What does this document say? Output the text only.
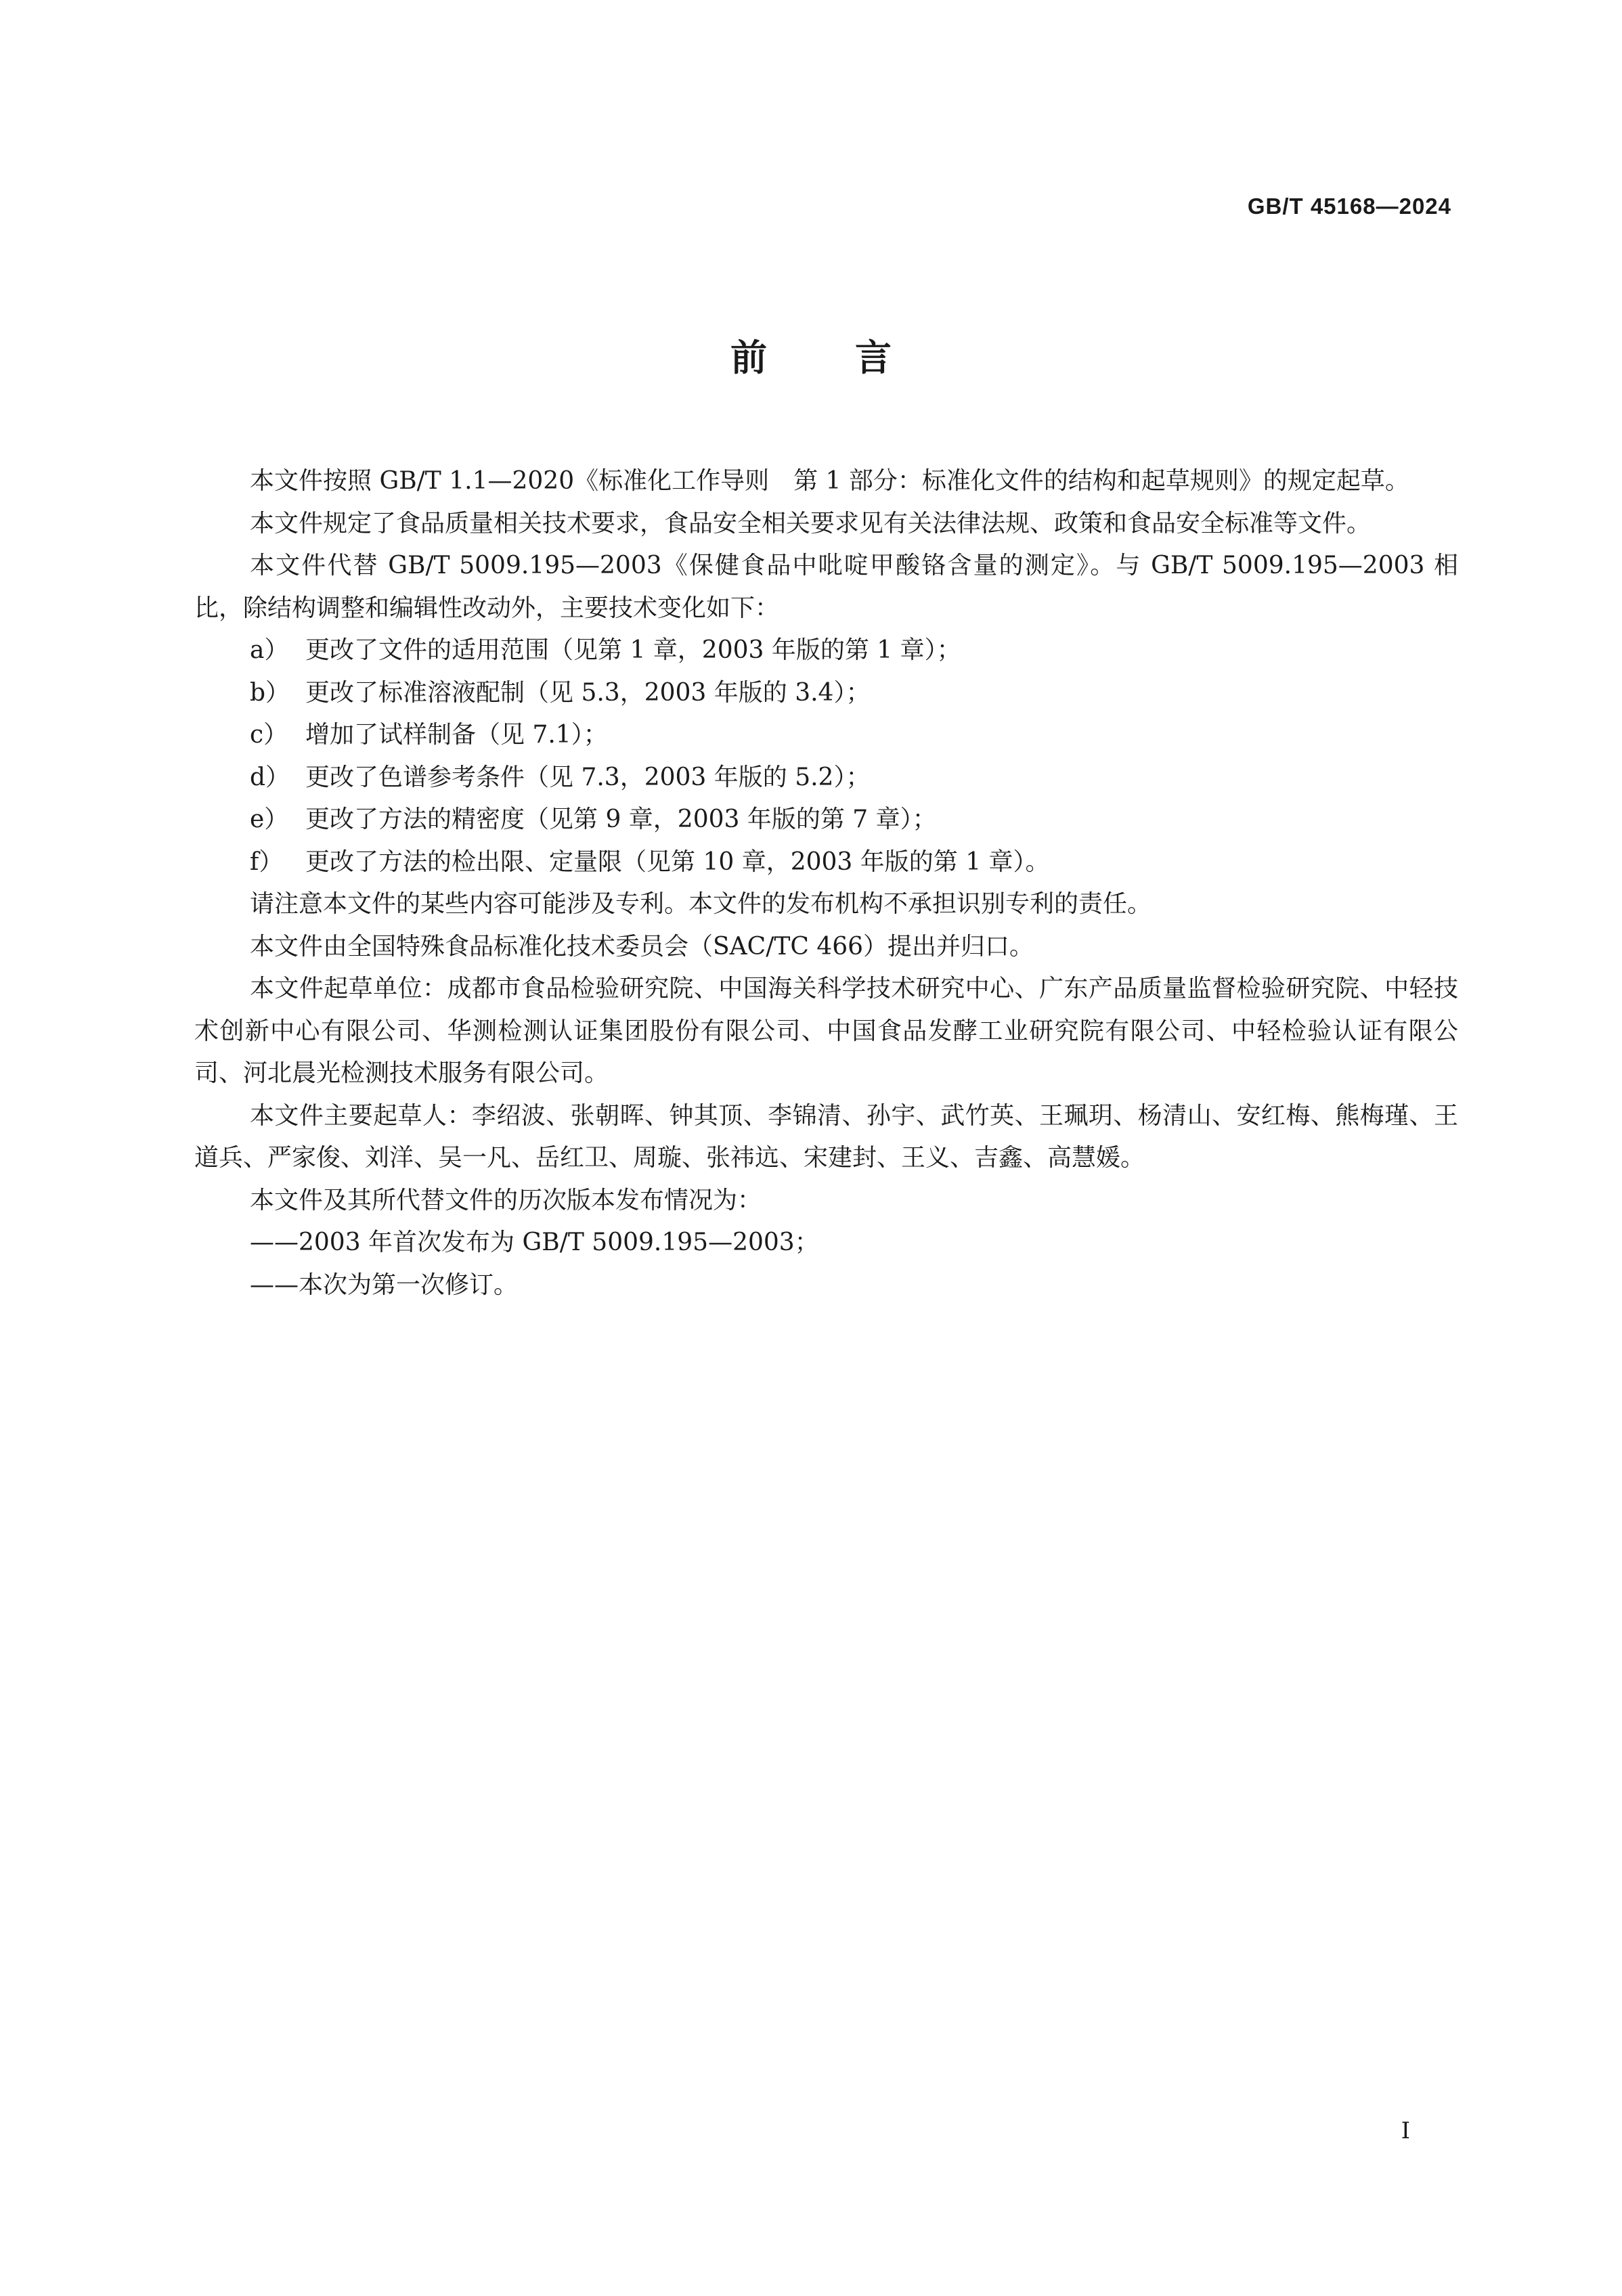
GB/T 45168—2024
前言

本文件按照 GB/T 1.1—2020《标准化工作导则　第 1 部分：标准化文件的结构和起草规则》的规定起草。

本文件规定了食品质量相关技术要求，食品安全相关要求见有关法律法规、政策和食品安全标准等文件。

本文件代替 GB/T 5009.195—2003《保健食品中吡啶甲酸铬含量的测定》。与 GB/T 5009.195—2003 相比，除结构调整和编辑性改动外，主要技术变化如下：

a） 更改了文件的适用范围（见第 1 章，2003 年版的第 1 章）；

b） 更改了标准溶液配制（见 5.3，2003 年版的 3.4）；

c） 增加了试样制备（见 7.1）；

d） 更改了色谱参考条件（见 7.3，2003 年版的 5.2）；

e） 更改了方法的精密度（见第 9 章，2003 年版的第 7 章）；

f） 更改了方法的检出限、定量限（见第 10 章，2003 年版的第 1 章）。

请注意本文件的某些内容可能涉及专利。本文件的发布机构不承担识别专利的责任。

本文件由全国特殊食品标准化技术委员会（SAC/TC 466）提出并归口。

本文件起草单位：成都市食品检验研究院、中国海关科学技术研究中心、广东产品质量监督检验研究院、中轻技术创新中心有限公司、华测检测认证集团股份有限公司、中国食品发酵工业研究院有限公司、中轻检验认证有限公司、河北晨光检测技术服务有限公司。

本文件主要起草人：李绍波、张朝晖、钟其顶、李锦清、孙宇、武竹英、王珮玥、杨清山、安红梅、熊梅瑾、王道兵、严家俊、刘洋、吴一凡、岳红卫、周璇、张祎迒、宋建封、王义、吉鑫、高慧媛。

本文件及其所代替文件的历次版本发布情况为：

——2003 年首次发布为 GB/T 5009.195—2003；

——本次为第一次修订。

I
